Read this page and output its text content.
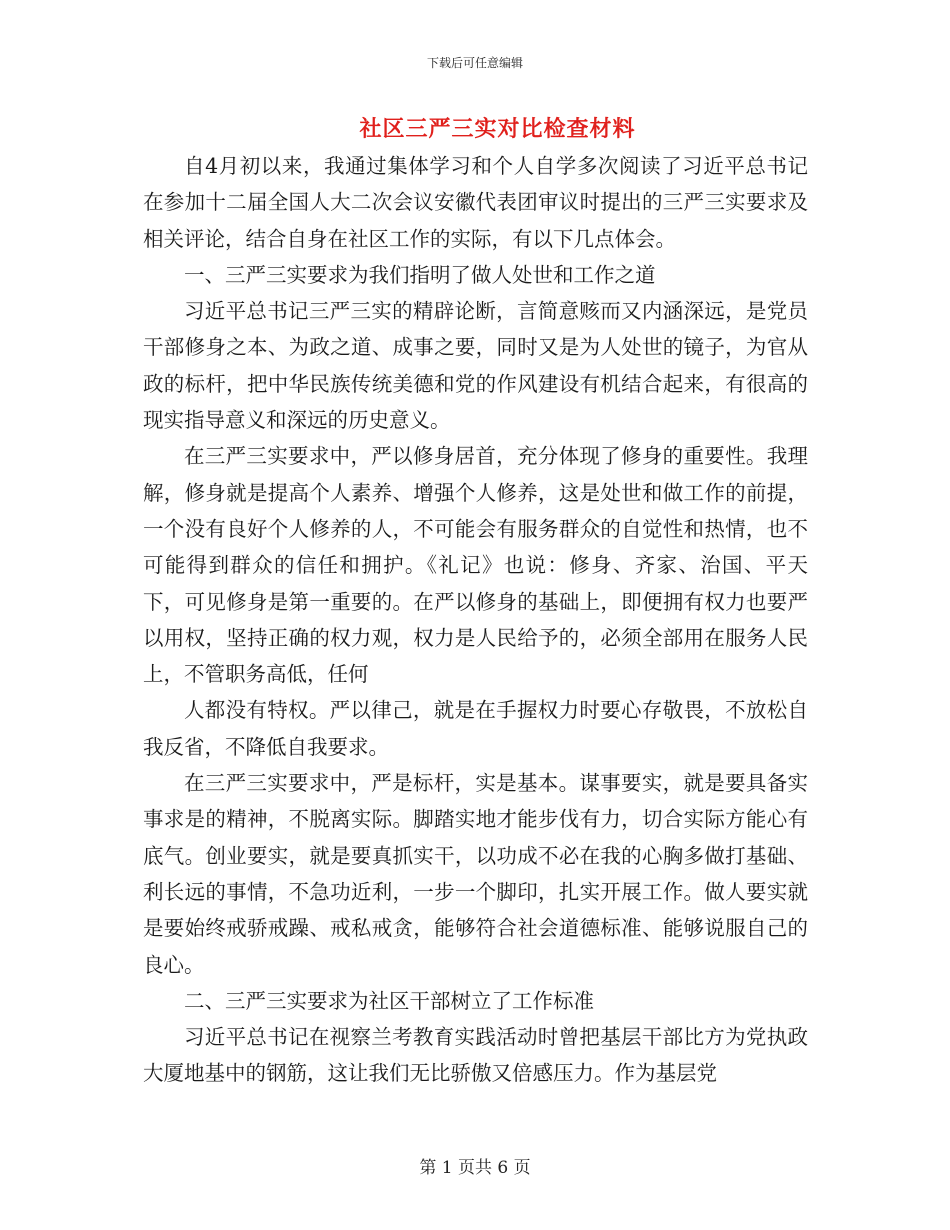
下载后可任意编辑
社区三严三实对比检查材料

自4月初以来，我通过集体学习和个人自学多次阅读了习近平总书记在参加十二届全国人大二次会议安徽代表团审议时提出的三严三实要求及相关评论，结合自身在社区工作的实际，有以下几点体会。

一、三严三实要求为我们指明了做人处世和工作之道

习近平总书记三严三实的精辟论断，言简意赅而又内涵深远，是党员干部修身之本、为政之道、成事之要，同时又是为人处世的镜子，为官从政的标杆，把中华民族传统美德和党的作风建设有机结合起来，有很高的现实指导意义和深远的历史意义。

在三严三实要求中，严以修身居首，充分体现了修身的重要性。我理解，修身就是提高个人素养、增强个人修养，这是处世和做工作的前提，一个没有良好个人修养的人，不可能会有服务群众的自觉性和热情，也不可能得到群众的信任和拥护。《礼记》也说：修身、齐家、治国、平天下，可见修身是第一重要的。在严以修身的基础上，即便拥有权力也要严以用权，坚持正确的权力观，权力是人民给予的，必须全部用在服务人民上，不管职务高低，任何

人都没有特权。严以律己，就是在手握权力时要心存敬畏，不放松自我反省，不降低自我要求。

在三严三实要求中，严是标杆，实是基本。谋事要实，就是要具备实事求是的精神，不脱离实际。脚踏实地才能步伐有力，切合实际方能心有底气。创业要实，就是要真抓实干，以功成不必在我的心胸多做打基础、利长远的事情，不急功近利，一步一个脚印，扎实开展工作。做人要实就是要始终戒骄戒躁、戒私戒贪，能够符合社会道德标准、能够说服自己的良心。

二、三严三实要求为社区干部树立了工作标准

习近平总书记在视察兰考教育实践活动时曾把基层干部比方为党执政大厦地基中的钢筋，这让我们无比骄傲又倍感压力。作为基层党

第 1 页共 6 页
